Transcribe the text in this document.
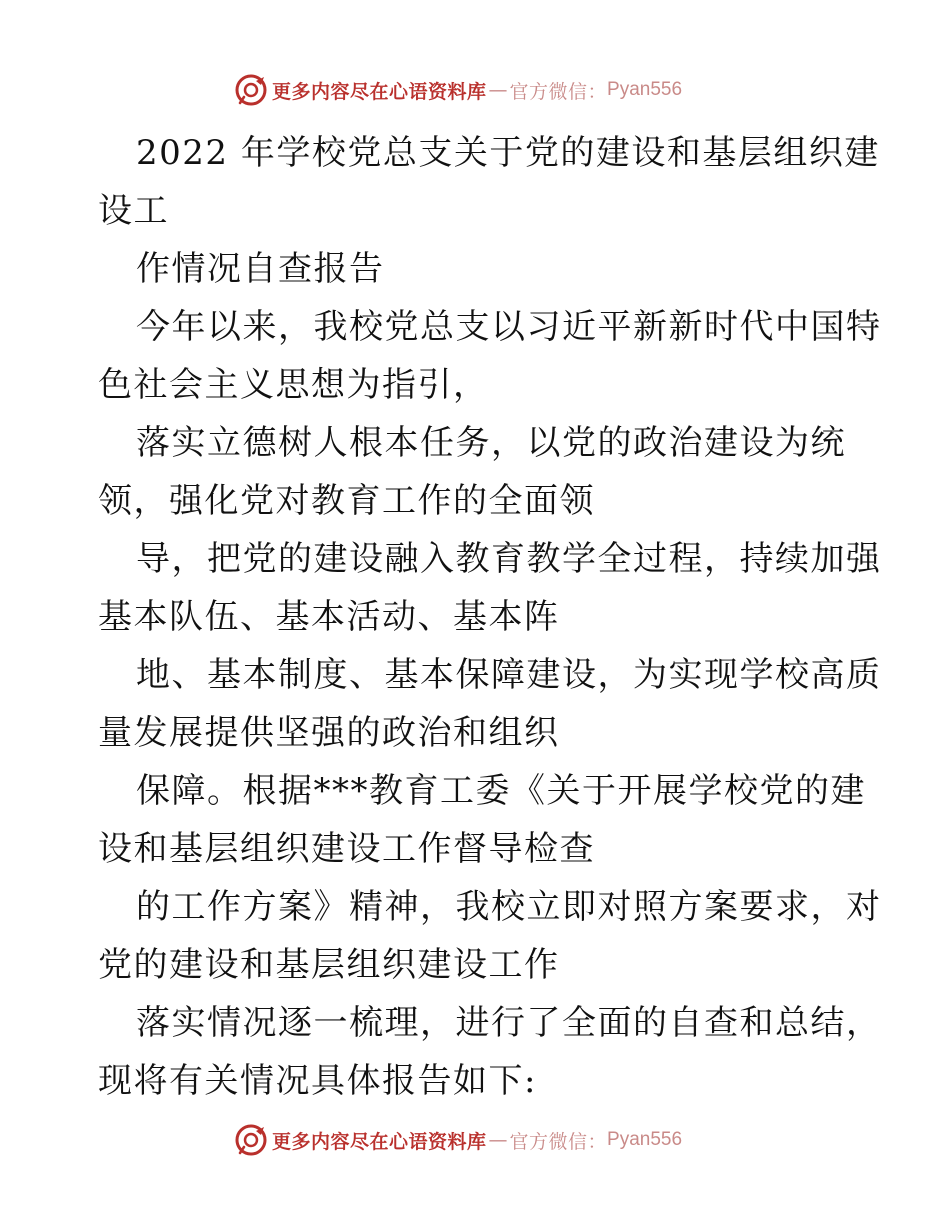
更多内容尽在心语资料库 — 官方微信： Pyan556
2022 年学校党总支关于党的建设和基层组织建
设工
作情况自查报告
今年以来，我校党总支以习近平新新时代中国特
色社会主义思想为指引，
落实立德树人根本任务，以党的政治建设为统
领，强化党对教育工作的全面领
导，把党的建设融入教育教学全过程，持续加强
基本队伍、基本活动、基本阵
地、基本制度、基本保障建设，为实现学校高质
量发展提供坚强的政治和组织
保障。根据***教育工委《关于开展学校党的建
设和基层组织建设工作督导检查
的工作方案》精神，我校立即对照方案要求，对
党的建设和基层组织建设工作
落实情况逐一梳理，进行了全面的自查和总结，
现将有关情况具体报告如下:
更多内容尽在心语资料库 — 官方微信： Pyan556
